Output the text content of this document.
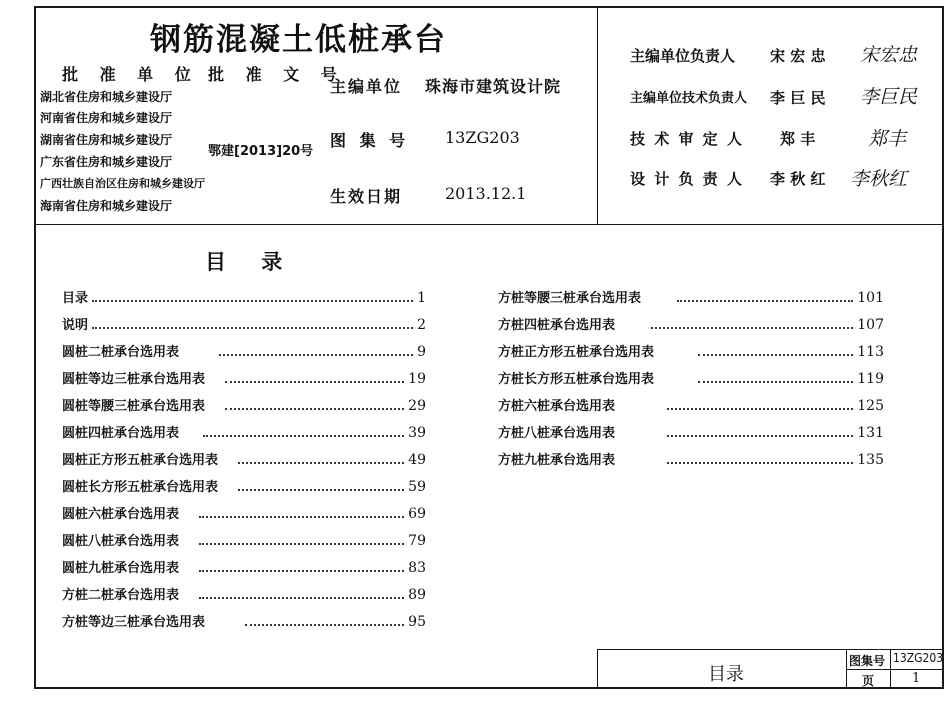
钢筋混凝土低桩承台
批 准 单 位 批 准 文 号
湖北省住房和城乡建设厅
河南省住房和城乡建设厅
湖南省住房和城乡建设厅
广东省住房和城乡建设厅
广西壮族自治区住房和城乡建设厅
海南省住房和城乡建设厅
鄂建[2013]20号
主编单位 珠海市建筑设计院
图 集 号 13ZG203
生效日期	2013.12.1
主编单位负责人 宋 宏 忠 宋宏忠
主编单位技术负责人 李 巨 民 李巨民
技 术 审 定 人 郑 丰	郑丰
设 计 负 责 人 李 秋 红 李秋红
目 录
目录	1
说明	2
圆桩二桩承台选用表	9
圆桩等边三桩承台选用表	19
圆桩等腰三桩承台选用表	29
圆桩四桩承台选用表	39
圆桩正方形五桩承台选用表	49
圆桩长方形五桩承台选用表	59
圆桩六桩承台选用表	69
圆桩八桩承台选用表	79
圆桩九桩承台选用表	83
方桩二桩承台选用表	89
方桩等边三桩承台选用表	95
方桩等腰三桩承台选用表	101
方桩四桩承台选用表	107
方桩正方形五桩承台选用表	113
方桩长方形五桩承台选用表	119
方桩六桩承台选用表	125
方桩八桩承台选用表	131
方桩九桩承台选用表	135
目录
图集号 13ZG203
页	1
